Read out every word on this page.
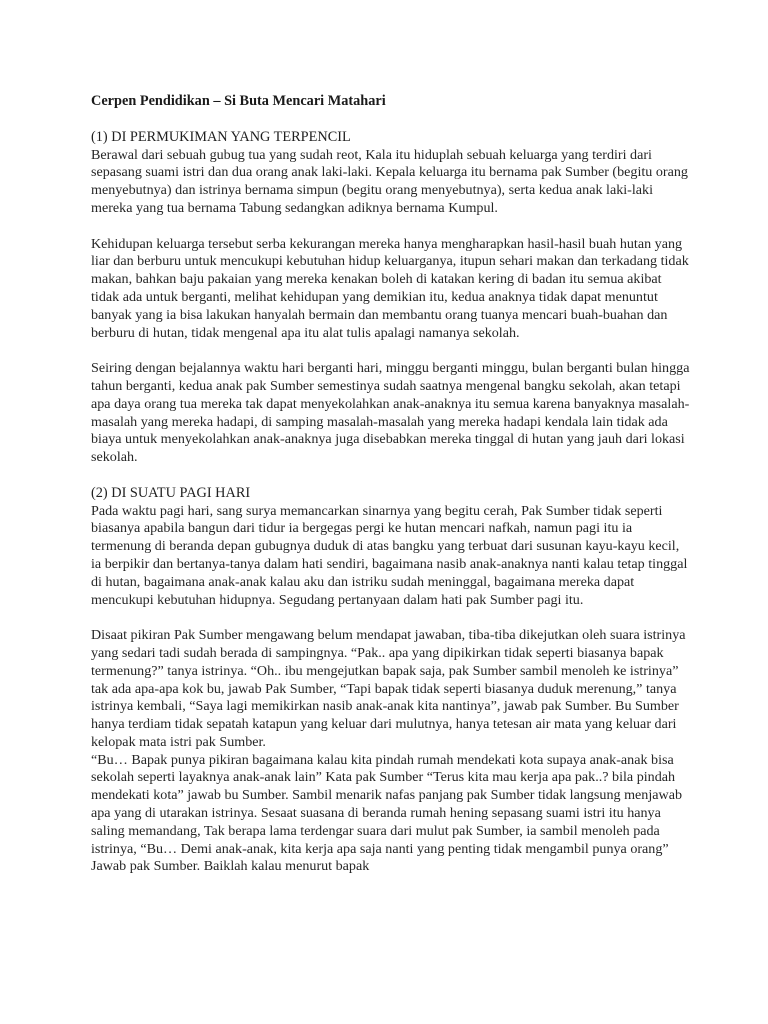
Cerpen Pendidikan – Si Buta Mencari Matahari

(1) DI PERMUKIMAN YANG TERPENCIL

Berawal dari sebuah gubug tua yang sudah reot, Kala itu hiduplah sebuah keluarga yang terdiri dari sepasang suami istri dan dua orang anak laki-laki. Kepala keluarga itu bernama pak Sumber (begitu orang menyebutnya) dan istrinya bernama simpun (begitu orang menyebutnya), serta kedua anak laki-laki mereka yang tua bernama Tabung sedangkan adiknya bernama Kumpul.

Kehidupan keluarga tersebut serba kekurangan mereka hanya mengharapkan hasil-hasil buah hutan yang liar dan berburu untuk mencukupi kebutuhan hidup keluarganya, itupun sehari makan dan terkadang tidak makan, bahkan baju pakaian yang mereka kenakan boleh di katakan kering di badan itu semua akibat tidak ada untuk berganti, melihat kehidupan yang demikian itu, kedua anaknya tidak dapat menuntut banyak yang ia bisa lakukan hanyalah bermain dan membantu orang tuanya mencari buah-buahan dan berburu di hutan, tidak mengenal apa itu alat tulis apalagi namanya sekolah.

Seiring dengan bejalannya waktu hari berganti hari, minggu berganti minggu, bulan berganti bulan hingga tahun berganti, kedua anak pak Sumber semestinya sudah saatnya mengenal bangku sekolah, akan tetapi apa daya orang tua mereka tak dapat menyekolahkan anak-anaknya itu semua karena banyaknya masalah-masalah yang mereka hadapi, di samping masalah-masalah yang mereka hadapi kendala lain tidak ada biaya untuk menyekolahkan anak-anaknya juga disebabkan mereka tinggal di hutan yang jauh dari lokasi sekolah.

(2) DI SUATU PAGI HARI

Pada waktu pagi hari, sang surya memancarkan sinarnya yang begitu cerah, Pak Sumber tidak seperti biasanya apabila bangun dari tidur ia bergegas pergi ke hutan mencari nafkah, namun pagi itu ia termenung di beranda depan gubugnya duduk di atas bangku yang terbuat dari susunan kayu-kayu kecil, ia berpikir dan bertanya-tanya dalam hati sendiri, bagaimana nasib anak-anaknya nanti kalau tetap tinggal di hutan, bagaimana anak-anak kalau aku dan istriku sudah meninggal, bagaimana mereka dapat mencukupi kebutuhan hidupnya. Segudang pertanyaan dalam hati pak Sumber pagi itu.

Disaat pikiran Pak Sumber mengawang belum mendapat jawaban, tiba-tiba dikejutkan oleh suara istrinya yang sedari tadi sudah berada di sampingnya. “Pak.. apa yang dipikirkan tidak seperti biasanya bapak termenung?” tanya istrinya. “Oh.. ibu mengejutkan bapak saja, pak Sumber sambil menoleh ke istrinya” tak ada apa-apa kok bu, jawab Pak Sumber, “Tapi bapak tidak seperti biasanya duduk merenung,” tanya istrinya kembali, “Saya lagi memikirkan nasib anak-anak kita nantinya”, jawab pak Sumber. Bu Sumber hanya terdiam tidak sepatah katapun yang keluar dari mulutnya, hanya tetesan air mata yang keluar dari kelopak mata istri pak Sumber.

“Bu… Bapak punya pikiran bagaimana kalau kita pindah rumah mendekati kota supaya anak-anak bisa sekolah seperti layaknya anak-anak lain” Kata pak Sumber “Terus kita mau kerja apa pak..? bila pindah mendekati kota” jawab bu Sumber. Sambil menarik nafas panjang pak Sumber tidak langsung menjawab apa yang di utarakan istrinya. Sesaat suasana di beranda rumah hening sepasang suami istri itu hanya saling memandang, Tak berapa lama terdengar suara dari mulut pak Sumber, ia sambil menoleh pada istrinya, “Bu… Demi anak-anak, kita kerja apa saja nanti yang penting tidak mengambil punya orang” Jawab pak Sumber. Baiklah kalau menurut bapak
